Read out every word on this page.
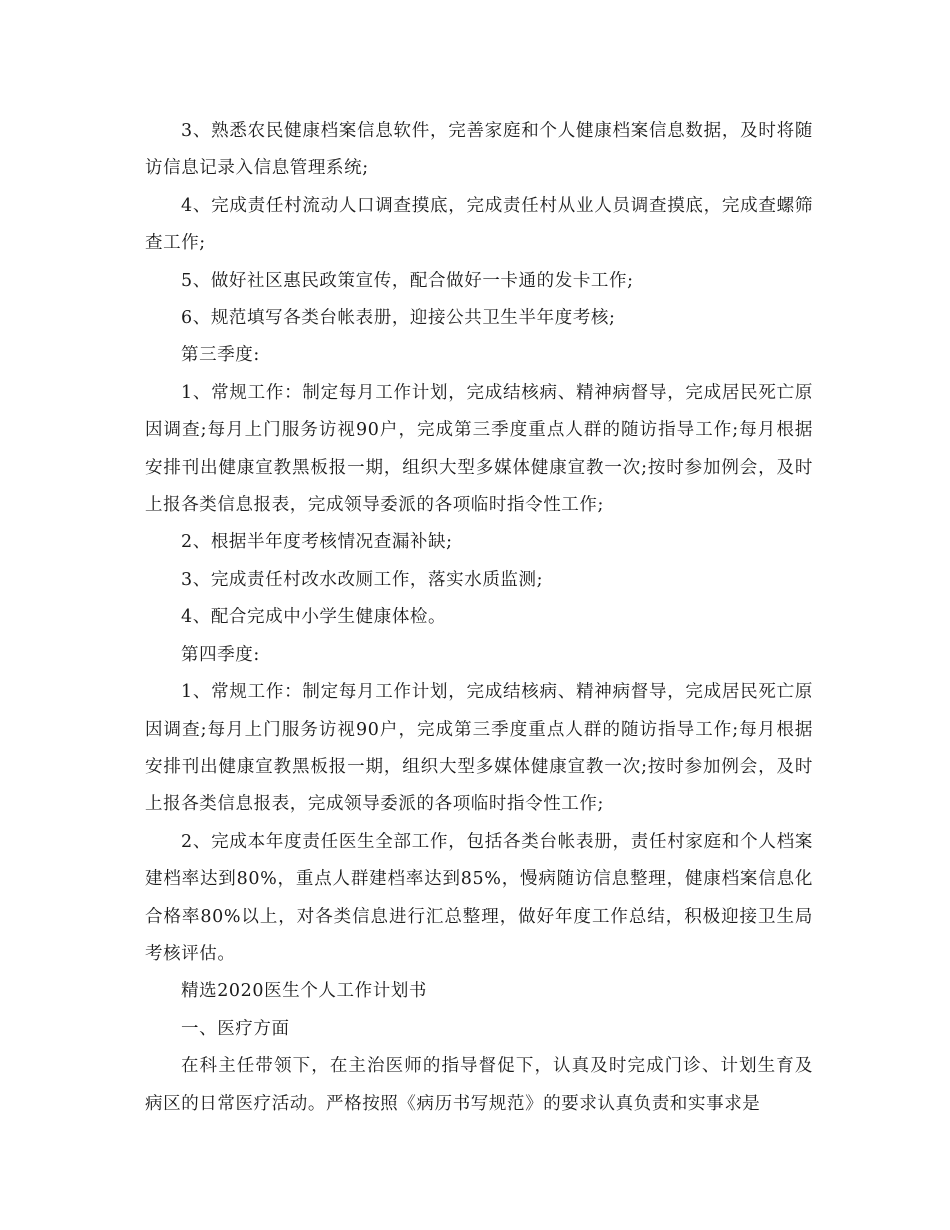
3、熟悉农民健康档案信息软件，完善家庭和个人健康档案信息数据，及时将随访信息记录入信息管理系统;

4、完成责任村流动人口调查摸底，完成责任村从业人员调查摸底，完成查螺筛查工作;

5、做好社区惠民政策宣传，配合做好一卡通的发卡工作;

6、规范填写各类台帐表册，迎接公共卫生半年度考核;

第三季度:

1、常规工作：制定每月工作计划，完成结核病、精神病督导，完成居民死亡原因调查;每月上门服务访视90户，完成第三季度重点人群的随访指导工作;每月根据安排刊出健康宣教黑板报一期，组织大型多媒体健康宣教一次;按时参加例会，及时上报各类信息报表，完成领导委派的各项临时指令性工作;

2、根据半年度考核情况查漏补缺;

3、完成责任村改水改厕工作，落实水质监测;

4、配合完成中小学生健康体检。

第四季度:

1、常规工作：制定每月工作计划，完成结核病、精神病督导，完成居民死亡原因调查;每月上门服务访视90户，完成第三季度重点人群的随访指导工作;每月根据安排刊出健康宣教黑板报一期，组织大型多媒体健康宣教一次;按时参加例会，及时上报各类信息报表，完成领导委派的各项临时指令性工作;

2、完成本年度责任医生全部工作，包括各类台帐表册，责任村家庭和个人档案建档率达到80%，重点人群建档率达到85%，慢病随访信息整理，健康档案信息化合格率80%以上，对各类信息进行汇总整理，做好年度工作总结，积极迎接卫生局考核评估。

精选2020医生个人工作计划书

一、医疗方面

在科主任带领下，在主治医师的指导督促下，认真及时完成门诊、计划生育及病区的日常医疗活动。严格按照《病历书写规范》的要求认真负责和实事求是
